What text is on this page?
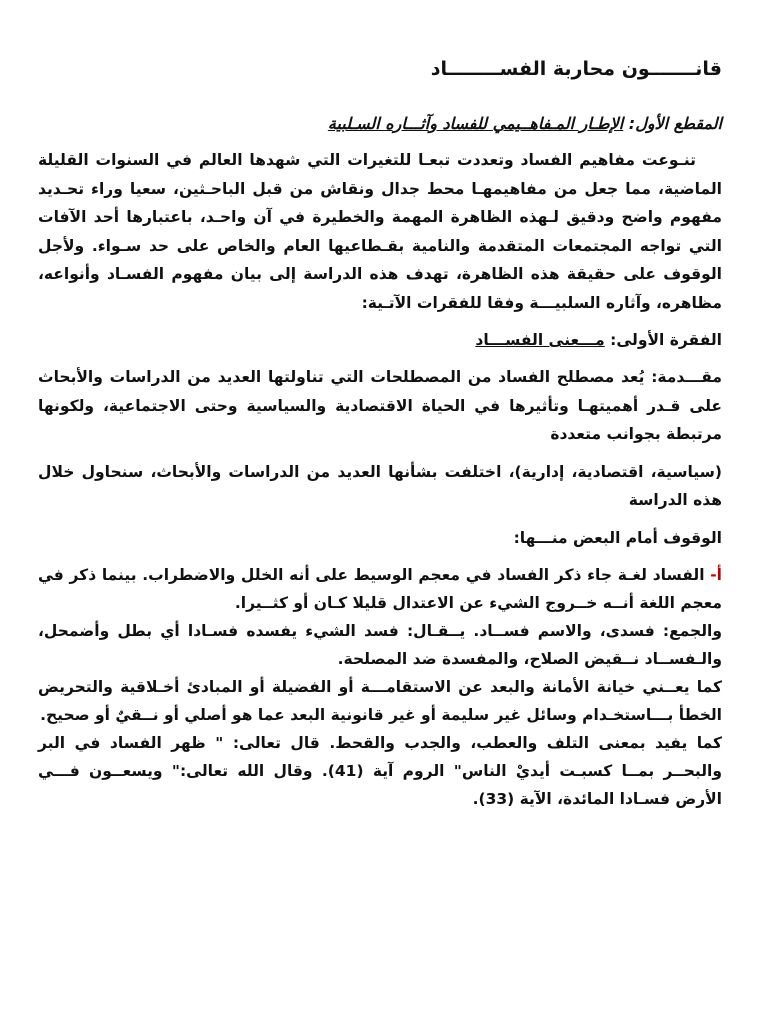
قانـــــــون محاربة الفســــــــاد

المقطع الأول: الإطـار المـفاهــيمي للفساد وآثـــاره السـلبية

تنـوعت مفاهيم الفساد وتعددت تبعـا للتغيرات التي شهدها العالم في السنوات القليلة الماضية، مما جعل من مفاهيمهـا محط جدال ونقاش من قبل الباحـثين، سعيا وراء تحـديد مفهوم واضح ودقيق لـهذه الظاهرة المهمة والخطيرة في آن واحـد، باعتبارها أحد الآفات التي تواجه المجتمعات المتقدمة والنامية بقـطاعيها العام والخاص على حد سـواء. ولأجل الوقوف على حقيقة هذه الظاهرة، تهدف هذه الدراسة إلى بيان مفهوم الفسـاد وأنواعه، مظاهره، وآثاره السلبيـــة وفقا للفقرات الآتـية:

الفقرة الأولى: مـــعنى الفســـاد

مقـــدمة: يُعد مصطلح الفساد من المصطلحات التي تناولتها العديد من الدراسات والأبحاث على قـدر أهميتهـا وتأثيرها في الحياة الاقتصادية والسياسية وحتى الاجتماعية، ولكونها مرتبطة بجوانب متعددة

(سياسية، اقتصادية، إدارية)، اختلفت بشأنها العديد من الدراسات والأبحاث، سنحاول خلال هذه الدراسة

الوقوف أمام البعض منـــها:

أ- الفساد لغـة جاء ذكر الفساد في معجم الوسيط على أنه الخلل والاضطراب. بينما ذكر في معجم اللغة أنــه خــروج الشيء عن الاعتدال قليلا كـان أو كثــيرا.

والجمع: فسدى، والاسم فســاد. يــقـال: فسد الشيء يفسده فسـادا أي بطل وأضمحل، والـفســاد نــقيض الصلاح، والمفسدة ضد المصلحة.

كما يعــني خيانة الأمانة والبعد عن الاستقامـــة أو الفضيلة أو المبادئ أخـلاقية والتحريض الخطأ بـــاستخـدام وسائل غير سليمة أو غير قانونية البعد عما هو أصلي أو نــقيٌ أو صحيح.

كما يفيد بمعنى التلف والعطب، والجدب والقحط. قال تعالى: " ظهر الفساد في البر والبحــر بمــا كسبـت أيديْ الناس" الروم آية (41). وقال الله تعالى:" ويسعــون فـــي الأرض فسـادا المائدة، الآية (33).
